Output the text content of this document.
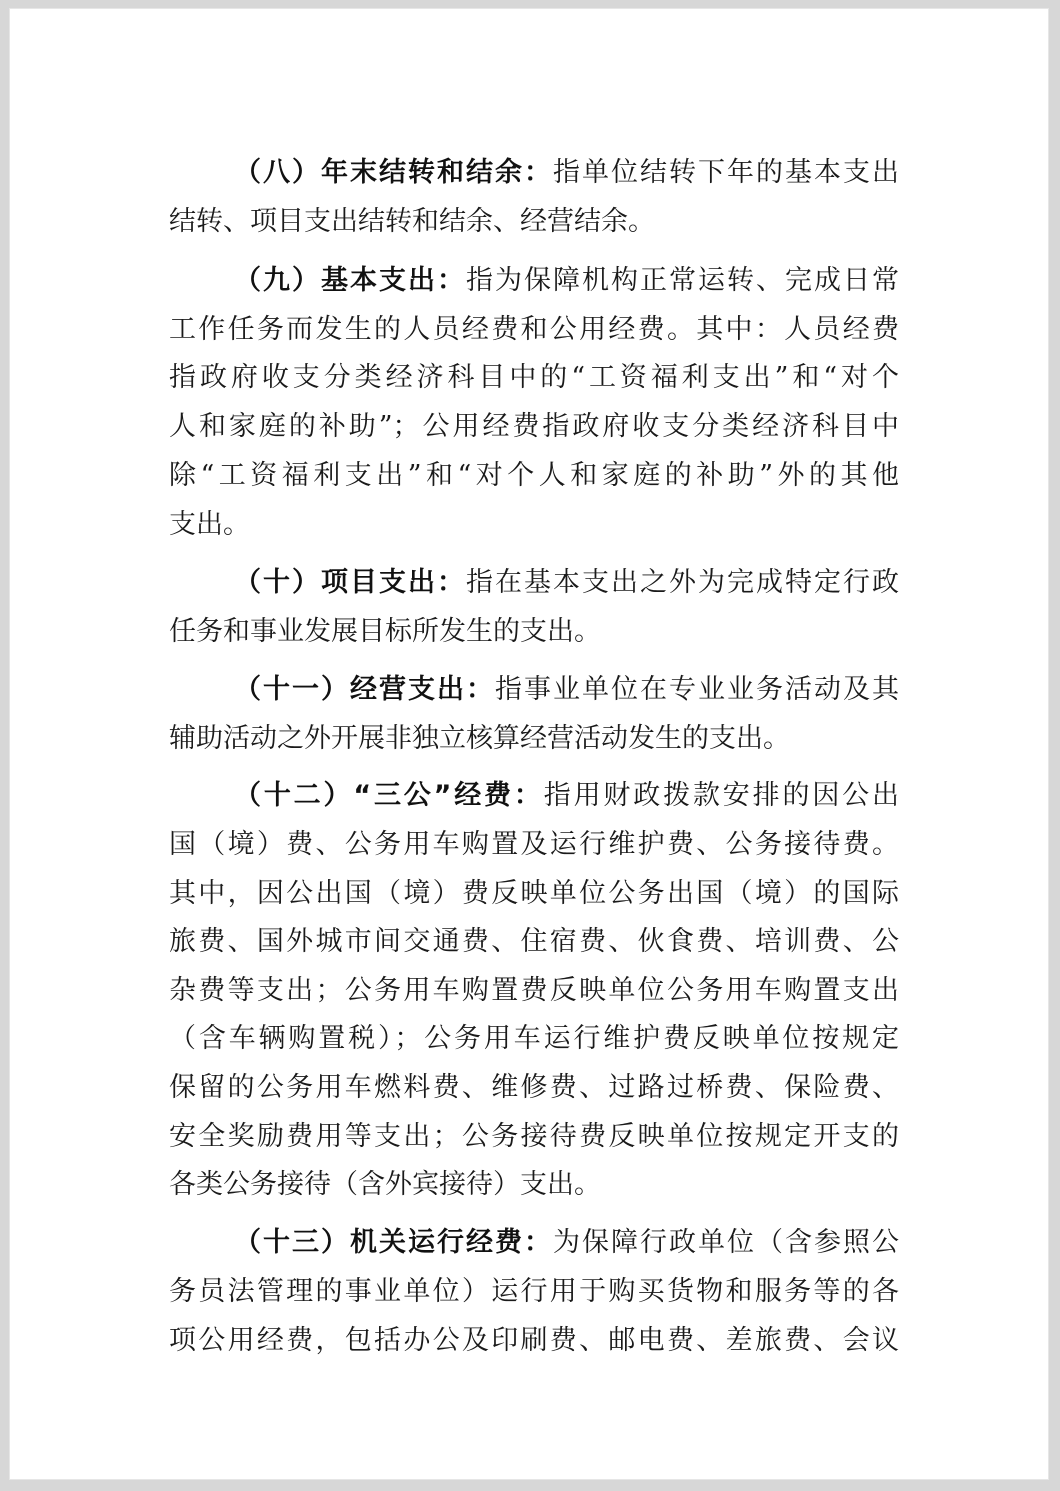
（八）年末结转和结余：指单位结转下年的基本支出
结转、项目支出结转和结余、经营结余。
（九）基本支出：指为保障机构正常运转、完成日常
工作任务而发生的人员经费和公用经费。其中：人员经费
指政府收支分类经济科目中的“工资福利支出”和“对个
人和家庭的补助”；公用经费指政府收支分类经济科目中
除“工资福利支出”和“对个人和家庭的补助”外的其他
支出。
（十）项目支出：指在基本支出之外为完成特定行政
任务和事业发展目标所发生的支出。
（十一）经营支出：指事业单位在专业业务活动及其
辅助活动之外开展非独立核算经营活动发生的支出。
（十二）“三公”经费：指用财政拨款安排的因公出
国（境）费、公务用车购置及运行维护费、公务接待费。
其中，因公出国（境）费反映单位公务出国（境）的国际
旅费、国外城市间交通费、住宿费、伙食费、培训费、公
杂费等支出；公务用车购置费反映单位公务用车购置支出
（含车辆购置税）；公务用车运行维护费反映单位按规定
保留的公务用车燃料费、维修费、过路过桥费、保险费、
安全奖励费用等支出；公务接待费反映单位按规定开支的
各类公务接待（含外宾接待）支出。
（十三）机关运行经费：为保障行政单位（含参照公
务员法管理的事业单位）运行用于购买货物和服务等的各
项公用经费，包括办公及印刷费、邮电费、差旅费、会议
